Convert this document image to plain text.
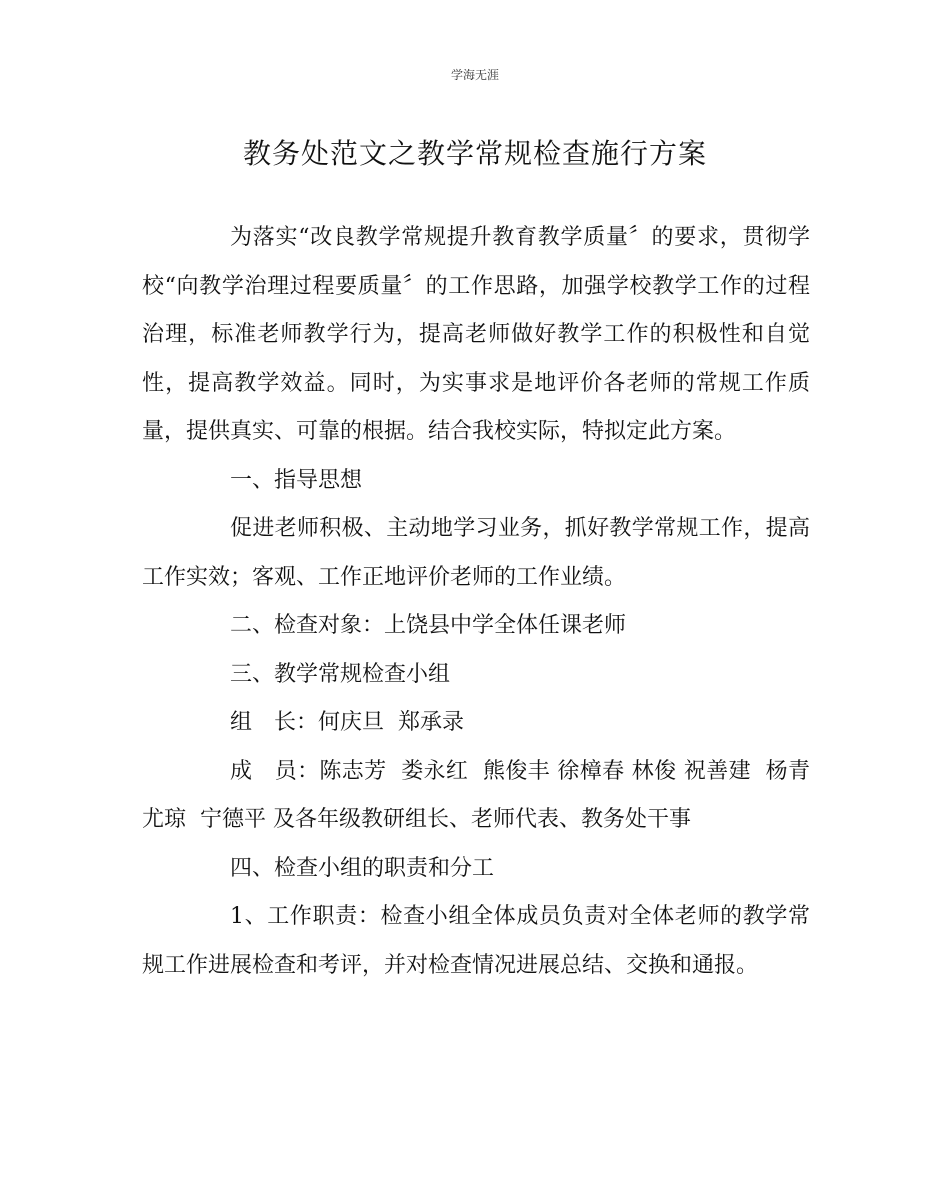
学海无涯
教务处范文之教学常规检查施行方案

为落实“改良教学常规提升教育教学质量〞的要求，贯彻学校“向教学治理过程要质量〞的工作思路，加强学校教学工作的过程治理，标准老师教学行为，提高老师做好教学工作的积极性和自觉性，提高教学效益。同时，为实事求是地评价各老师的常规工作质量，提供真实、可靠的根据。结合我校实际，特拟定此方案。

一、指导思想

促进老师积极、主动地学习业务，抓好教学常规工作，提高工作实效；客观、工作正地评价老师的工作业绩。

二、检查对象：上饶县中学全体任课老师

三、教学常规检查小组

组　长：何庆旦  郑承录

成　员：陈志芳  娄永红  熊俊丰 徐樟春 林俊 祝善建  杨青  尤琼  宁德平 及各年级教研组长、老师代表、教务处干事

四、检查小组的职责和分工

1、工作职责：检查小组全体成员负责对全体老师的教学常规工作进展检查和考评，并对检查情况进展总结、交换和通报。
